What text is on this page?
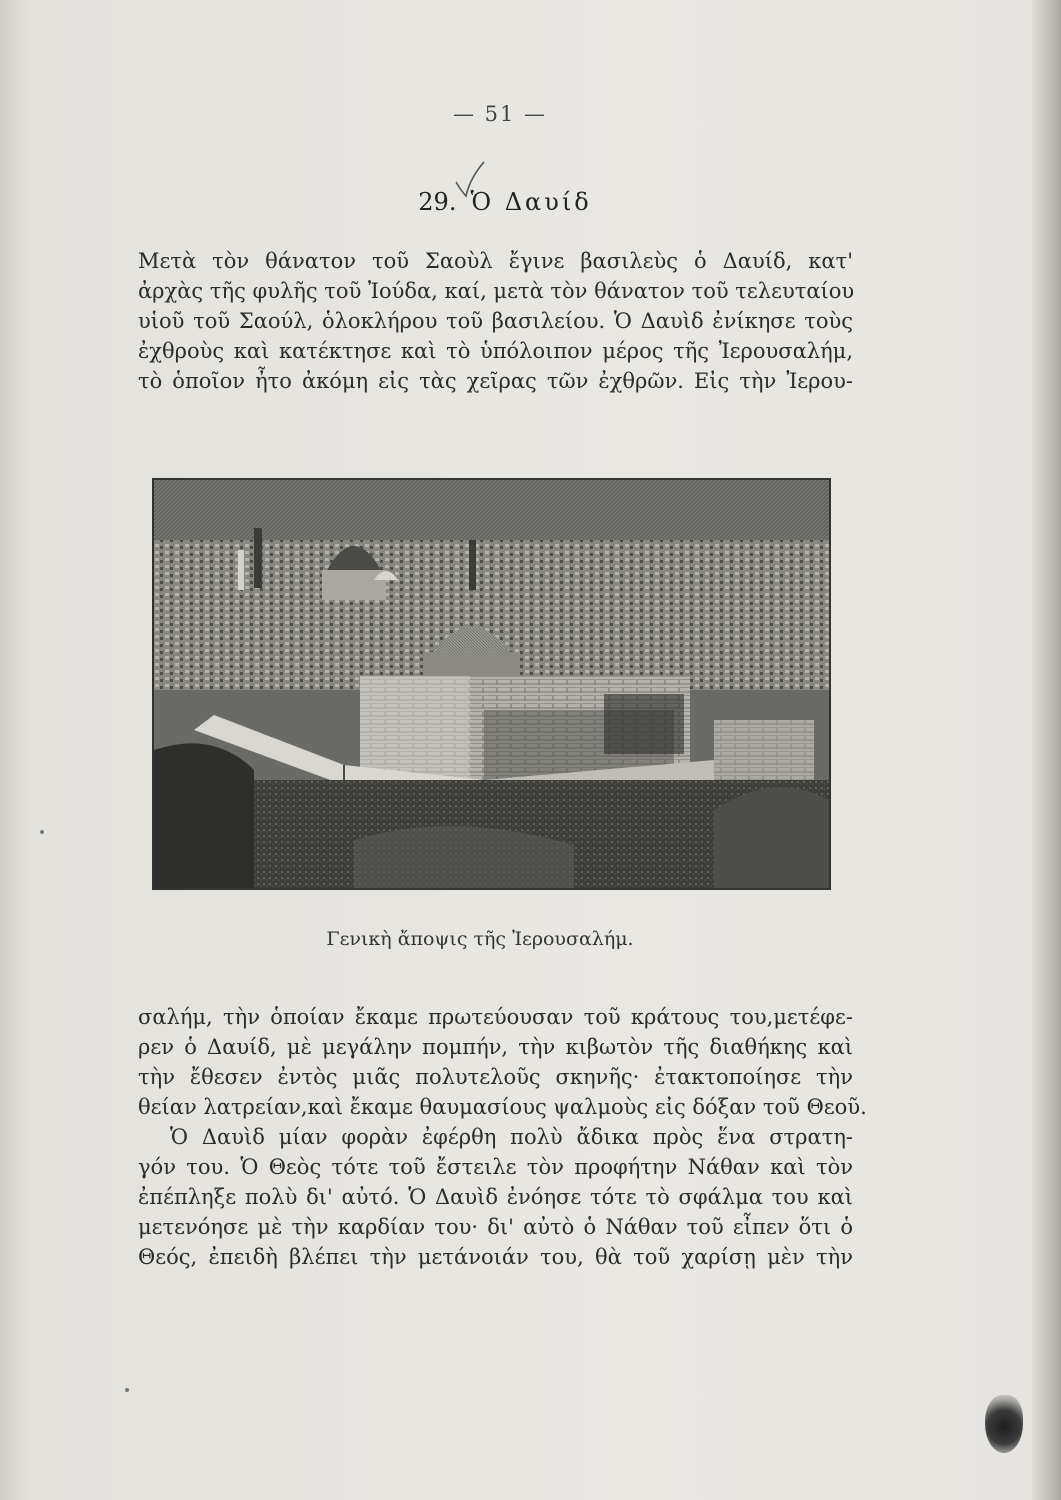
— 51 —
29. Ὁ Δαυίδ
Μετὰ τὸν θάνατον τοῦ Σαοὺλ ἔγινε βασιλεὺς ὁ Δαυίδ, κατ'
ἀρχὰς τῆς φυλῆς τοῦ Ἰούδα, καί, μετὰ τὸν θάνατον τοῦ τελευταίου
υἱοῦ τοῦ Σαούλ, ὁλοκλήρου τοῦ βασιλείου. Ὁ Δαυὶδ ἐνίκησε τοὺς
ἐχθροὺς καὶ κατέκτησε καὶ τὸ ὑπόλοιπον μέρος τῆς Ἰερουσαλήμ,
τὸ ὁποῖον ἦτο ἀκόμη εἰς τὰς χεῖρας τῶν ἐχθρῶν. Εἰς τὴν Ἰερου-
Γενικὴ ἄποψις τῆς Ἰερουσαλήμ.
σαλήμ, τὴν ὁποίαν ἔκαμε πρωτεύουσαν τοῦ κράτους του,μετέφε-
ρεν ὁ Δαυίδ, μὲ μεγάλην πομπήν, τὴν κιβωτὸν τῆς διαθήκης καὶ
τὴν ἔθεσεν ἐντὸς μιᾶς πολυτελοῦς σκηνῆς· ἐτακτοποίησε τὴν
θείαν λατρείαν,καὶ ἔκαμε θαυμασίους ψαλμοὺς εἰς δόξαν τοῦ Θεοῦ.
Ὁ Δαυὶδ μίαν φορὰν ἐφέρθη πολὺ ἄδικα πρὸς ἕνα στρατη-
γόν του. Ὁ Θεὸς τότε τοῦ ἔστειλε τὸν προφήτην Νάθαν καὶ τὸν
ἐπέπληξε πολὺ δι' αὐτό. Ὁ Δαυὶδ ἐνόησε τότε τὸ σφάλμα του καὶ
μετενόησε μὲ τὴν καρδίαν του· δι' αὐτὸ ὁ Νάθαν τοῦ εἶπεν ὅτι ὁ
Θεός, ἐπειδὴ βλέπει τὴν μετάνοιάν του, θὰ τοῦ χαρίσῃ μὲν τὴν
